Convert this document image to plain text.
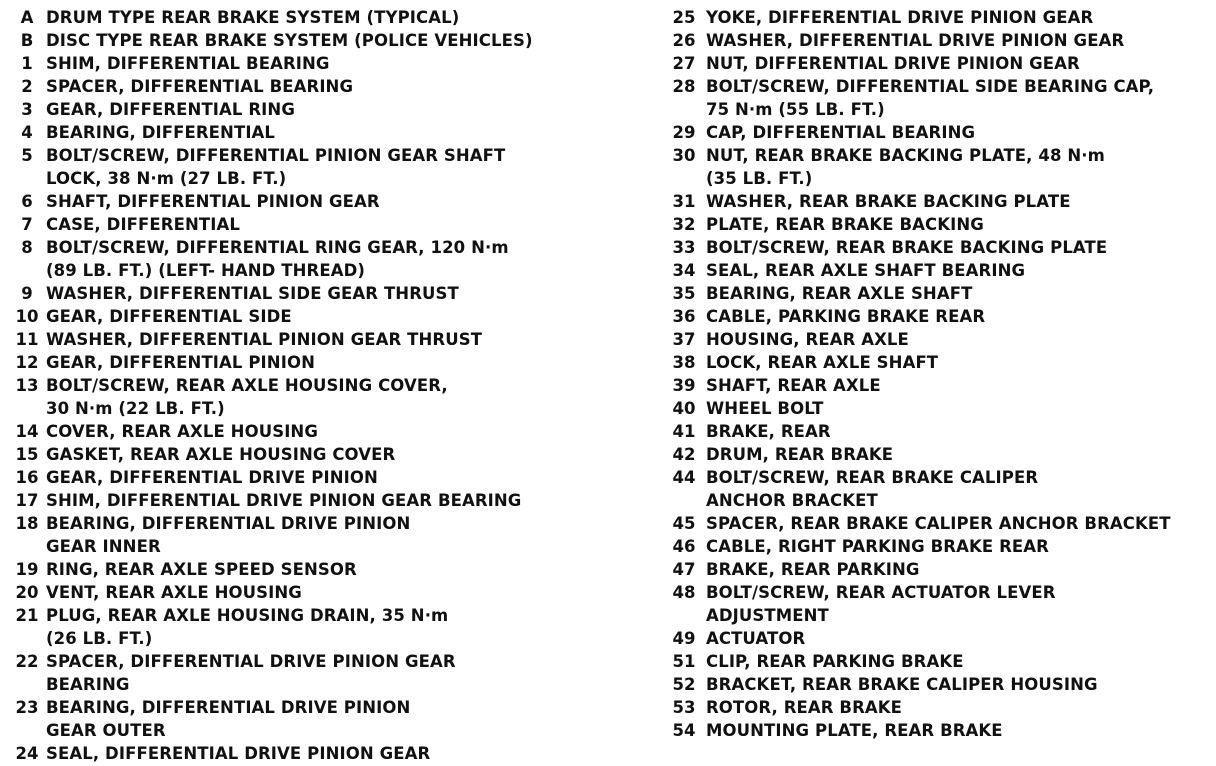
A DRUM TYPE REAR BRAKE SYSTEM (TYPICAL)
B DISC TYPE REAR BRAKE SYSTEM (POLICE VEHICLES)
1 SHIM, DIFFERENTIAL BEARING
2 SPACER, DIFFERENTIAL BEARING
3 GEAR, DIFFERENTIAL RING
4 BEARING, DIFFERENTIAL
5 BOLT/SCREW, DIFFERENTIAL PINION GEAR SHAFT
LOCK, 38 N·m (27 LB. FT.)
6 SHAFT, DIFFERENTIAL PINION GEAR
7 CASE, DIFFERENTIAL
8 BOLT/SCREW, DIFFERENTIAL RING GEAR, 120 N·m
(89 LB. FT.) (LEFT- HAND THREAD)
9 WASHER, DIFFERENTIAL SIDE GEAR THRUST
10 GEAR, DIFFERENTIAL SIDE
11 WASHER, DIFFERENTIAL PINION GEAR THRUST
12 GEAR, DIFFERENTIAL PINION
13 BOLT/SCREW, REAR AXLE HOUSING COVER,
30 N·m (22 LB. FT.)
14 COVER, REAR AXLE HOUSING
15 GASKET, REAR AXLE HOUSING COVER
16 GEAR, DIFFERENTIAL DRIVE PINION
17 SHIM, DIFFERENTIAL DRIVE PINION GEAR BEARING
18 BEARING, DIFFERENTIAL DRIVE PINION
GEAR INNER
19 RING, REAR AXLE SPEED SENSOR
20 VENT, REAR AXLE HOUSING
21 PLUG, REAR AXLE HOUSING DRAIN, 35 N·m
(26 LB. FT.)
22 SPACER, DIFFERENTIAL DRIVE PINION GEAR
BEARING
23 BEARING, DIFFERENTIAL DRIVE PINION
GEAR OUTER
24 SEAL, DIFFERENTIAL DRIVE PINION GEAR
25 YOKE, DIFFERENTIAL DRIVE PINION GEAR
26 WASHER, DIFFERENTIAL DRIVE PINION GEAR
27 NUT, DIFFERENTIAL DRIVE PINION GEAR
28 BOLT/SCREW, DIFFERENTIAL SIDE BEARING CAP,
75 N·m (55 LB. FT.)
29 CAP, DIFFERENTIAL BEARING
30 NUT, REAR BRAKE BACKING PLATE, 48 N·m
(35 LB. FT.)
31 WASHER, REAR BRAKE BACKING PLATE
32 PLATE, REAR BRAKE BACKING
33 BOLT/SCREW, REAR BRAKE BACKING PLATE
34 SEAL, REAR AXLE SHAFT BEARING
35 BEARING, REAR AXLE SHAFT
36 CABLE, PARKING BRAKE REAR
37 HOUSING, REAR AXLE
38 LOCK, REAR AXLE SHAFT
39 SHAFT, REAR AXLE
40 WHEEL BOLT
41 BRAKE, REAR
42 DRUM, REAR BRAKE
44 BOLT/SCREW, REAR BRAKE CALIPER
ANCHOR BRACKET
45 SPACER, REAR BRAKE CALIPER ANCHOR BRACKET
46 CABLE, RIGHT PARKING BRAKE REAR
47 BRAKE, REAR PARKING
48 BOLT/SCREW, REAR ACTUATOR LEVER
ADJUSTMENT
49 ACTUATOR
51 CLIP, REAR PARKING BRAKE
52 BRACKET, REAR BRAKE CALIPER HOUSING
53 ROTOR, REAR BRAKE
54 MOUNTING PLATE, REAR BRAKE
